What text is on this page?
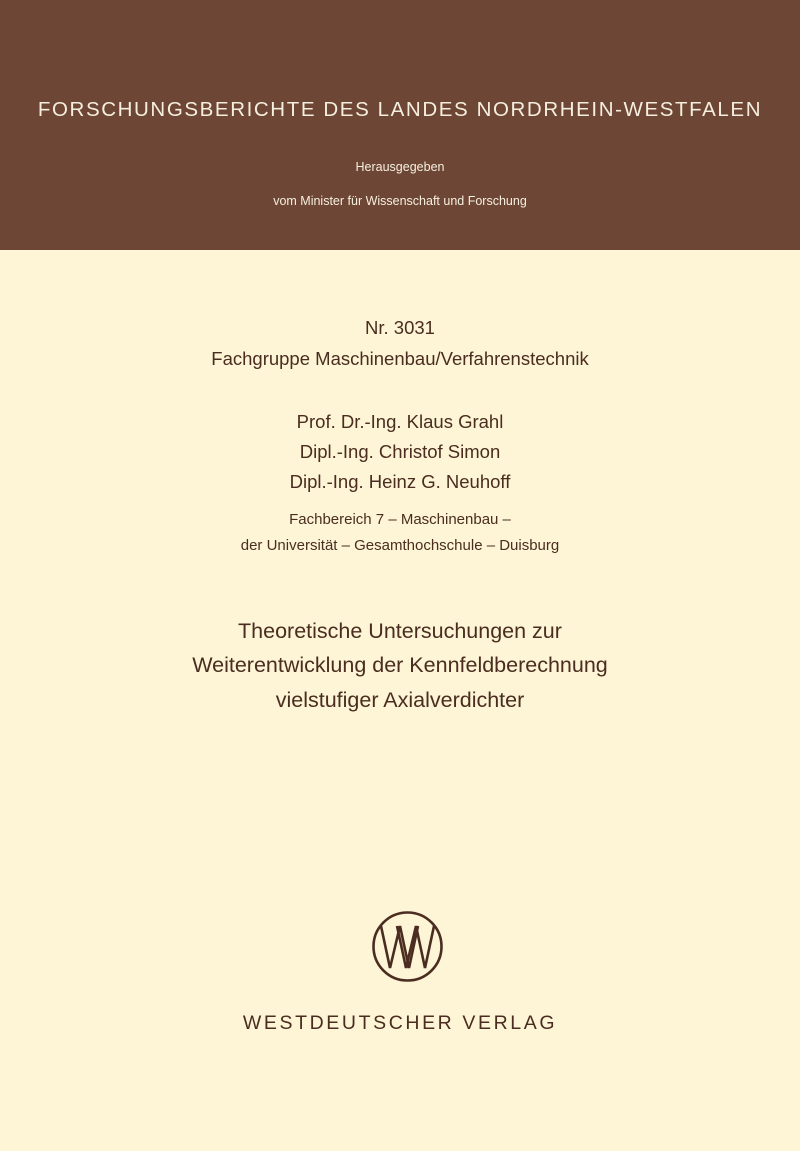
FORSCHUNGSBERICHTE DES LANDES NORDRHEIN-WESTFALEN
Herausgegeben
vom Minister für Wissenschaft und Forschung
Nr. 3031
Fachgruppe Maschinenbau/Verfahrenstechnik
Prof. Dr.-Ing. Klaus Grahl
Dipl.-Ing. Christof Simon
Dipl.-Ing. Heinz G. Neuhoff
Fachbereich 7 – Maschinenbau –
der Universität – Gesamthochschule – Duisburg
Theoretische Untersuchungen zur
Weiterentwicklung der Kennfeldberechnung
vielstufiger Axialverdichter
WESTDEUTSCHER VERLAG
